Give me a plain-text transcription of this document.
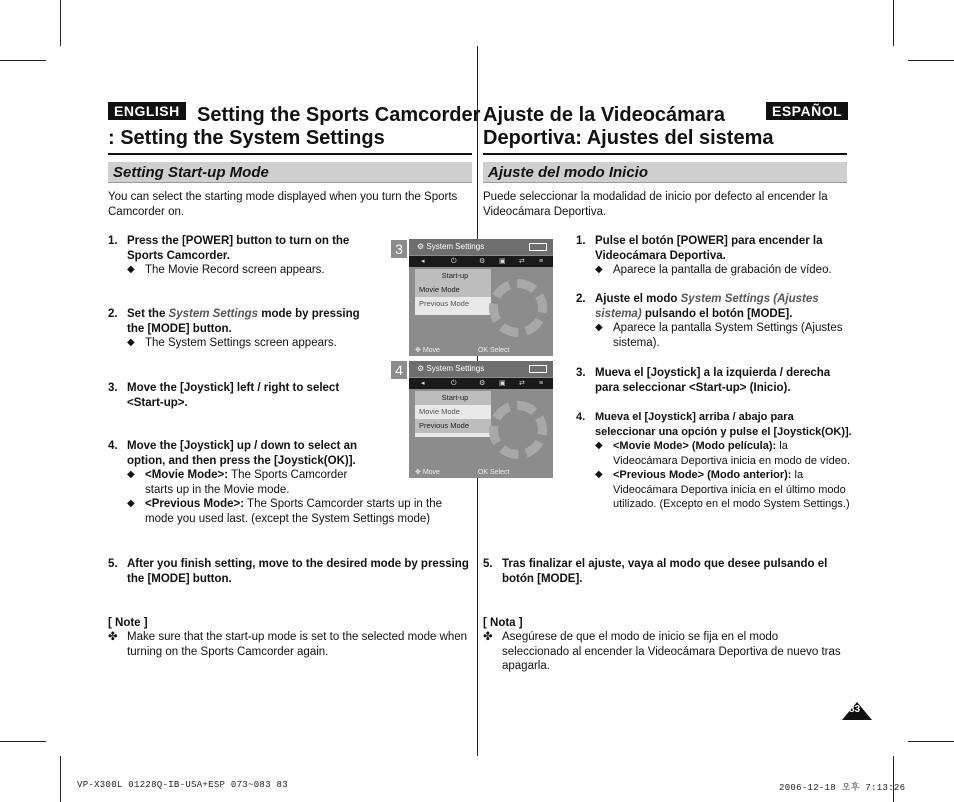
ENGLISH Setting the Sports Camcorder
: Setting the System Settings
Ajuste de la Videocámara
Deportiva: Ajustes del sistema
ESPAÑOL
Setting Start-up Mode	Ajuste del modo Inicio
You can select the starting mode displayed when you turn the Sports Camcorder on.
1. Press the [POWER] button to turn on the Sports Camcorder.
◆ The Movie Record screen appears.
2. Set the System Settings mode by pressing the [MODE] button.
◆ The System Settings screen appears.
3. Move the [Joystick] left / right to select <Start-up>.
4. Move the [Joystick] up / down to select an option, and then press the [Joystick(OK)].
◆ <Movie Mode>: The Sports Camcorder starts up in the Movie mode.
◆ <Previous Mode>: The Sports Camcorder starts up in the mode you used last. (except the System Settings mode)
5. After you finish setting, move to the desired mode by pressing the [MODE] button.
[ Note ]
✤ Make sure that the start-up mode is set to the selected mode when turning on the Sports Camcorder again.
3	⚙ System Settings
◂	⏻	⚙ ▣ ⇄ ≡
Start-up
Movie Mode
Previous Mode
✥ Move	OK Select
4	⚙ System Settings
◂	⏻	⚙ ▣ ⇄ ≡
Start-up
Movie Mode
Previous Mode
✥ Move	OK Select
Puede seleccionar la modalidad de inicio por defecto al encender la Videocámara Deportiva.
1. Pulse el botón [POWER] para encender la Videocámara Deportiva.
◆ Aparece la pantalla de grabación de vídeo.
2. Ajuste el modo System Settings (Ajustes sistema) pulsando el botón [MODE].
◆ Aparece la pantalla System Settings (Ajustes sistema).
3. Mueva el [Joystick] a la izquierda / derecha para seleccionar <Start-up> (Inicio).
4. Mueva el [Joystick] arriba / abajo para seleccionar una opción y pulse el [Joystick(OK)].
◆ <Movie Mode> (Modo película): la Videocámara Deportiva inicia en modo de vídeo.
◆ <Previous Mode> (Modo anterior): la Videocámara Deportiva inicia en el último modo utilizado. (Excepto en el modo System Settings.)
5. Tras finalizar el ajuste, vaya al modo que desee pulsando el botón [MODE].
[ Nota ]
✤ Asegúrese de que el modo de inicio se fija en el modo seleccionado al encender la Videocámara Deportiva de nuevo tras apagarla.
83
VP-X300L 01228Q-IB-USA+ESP 073~083 83	2006-12-18 오후 7:13:26
